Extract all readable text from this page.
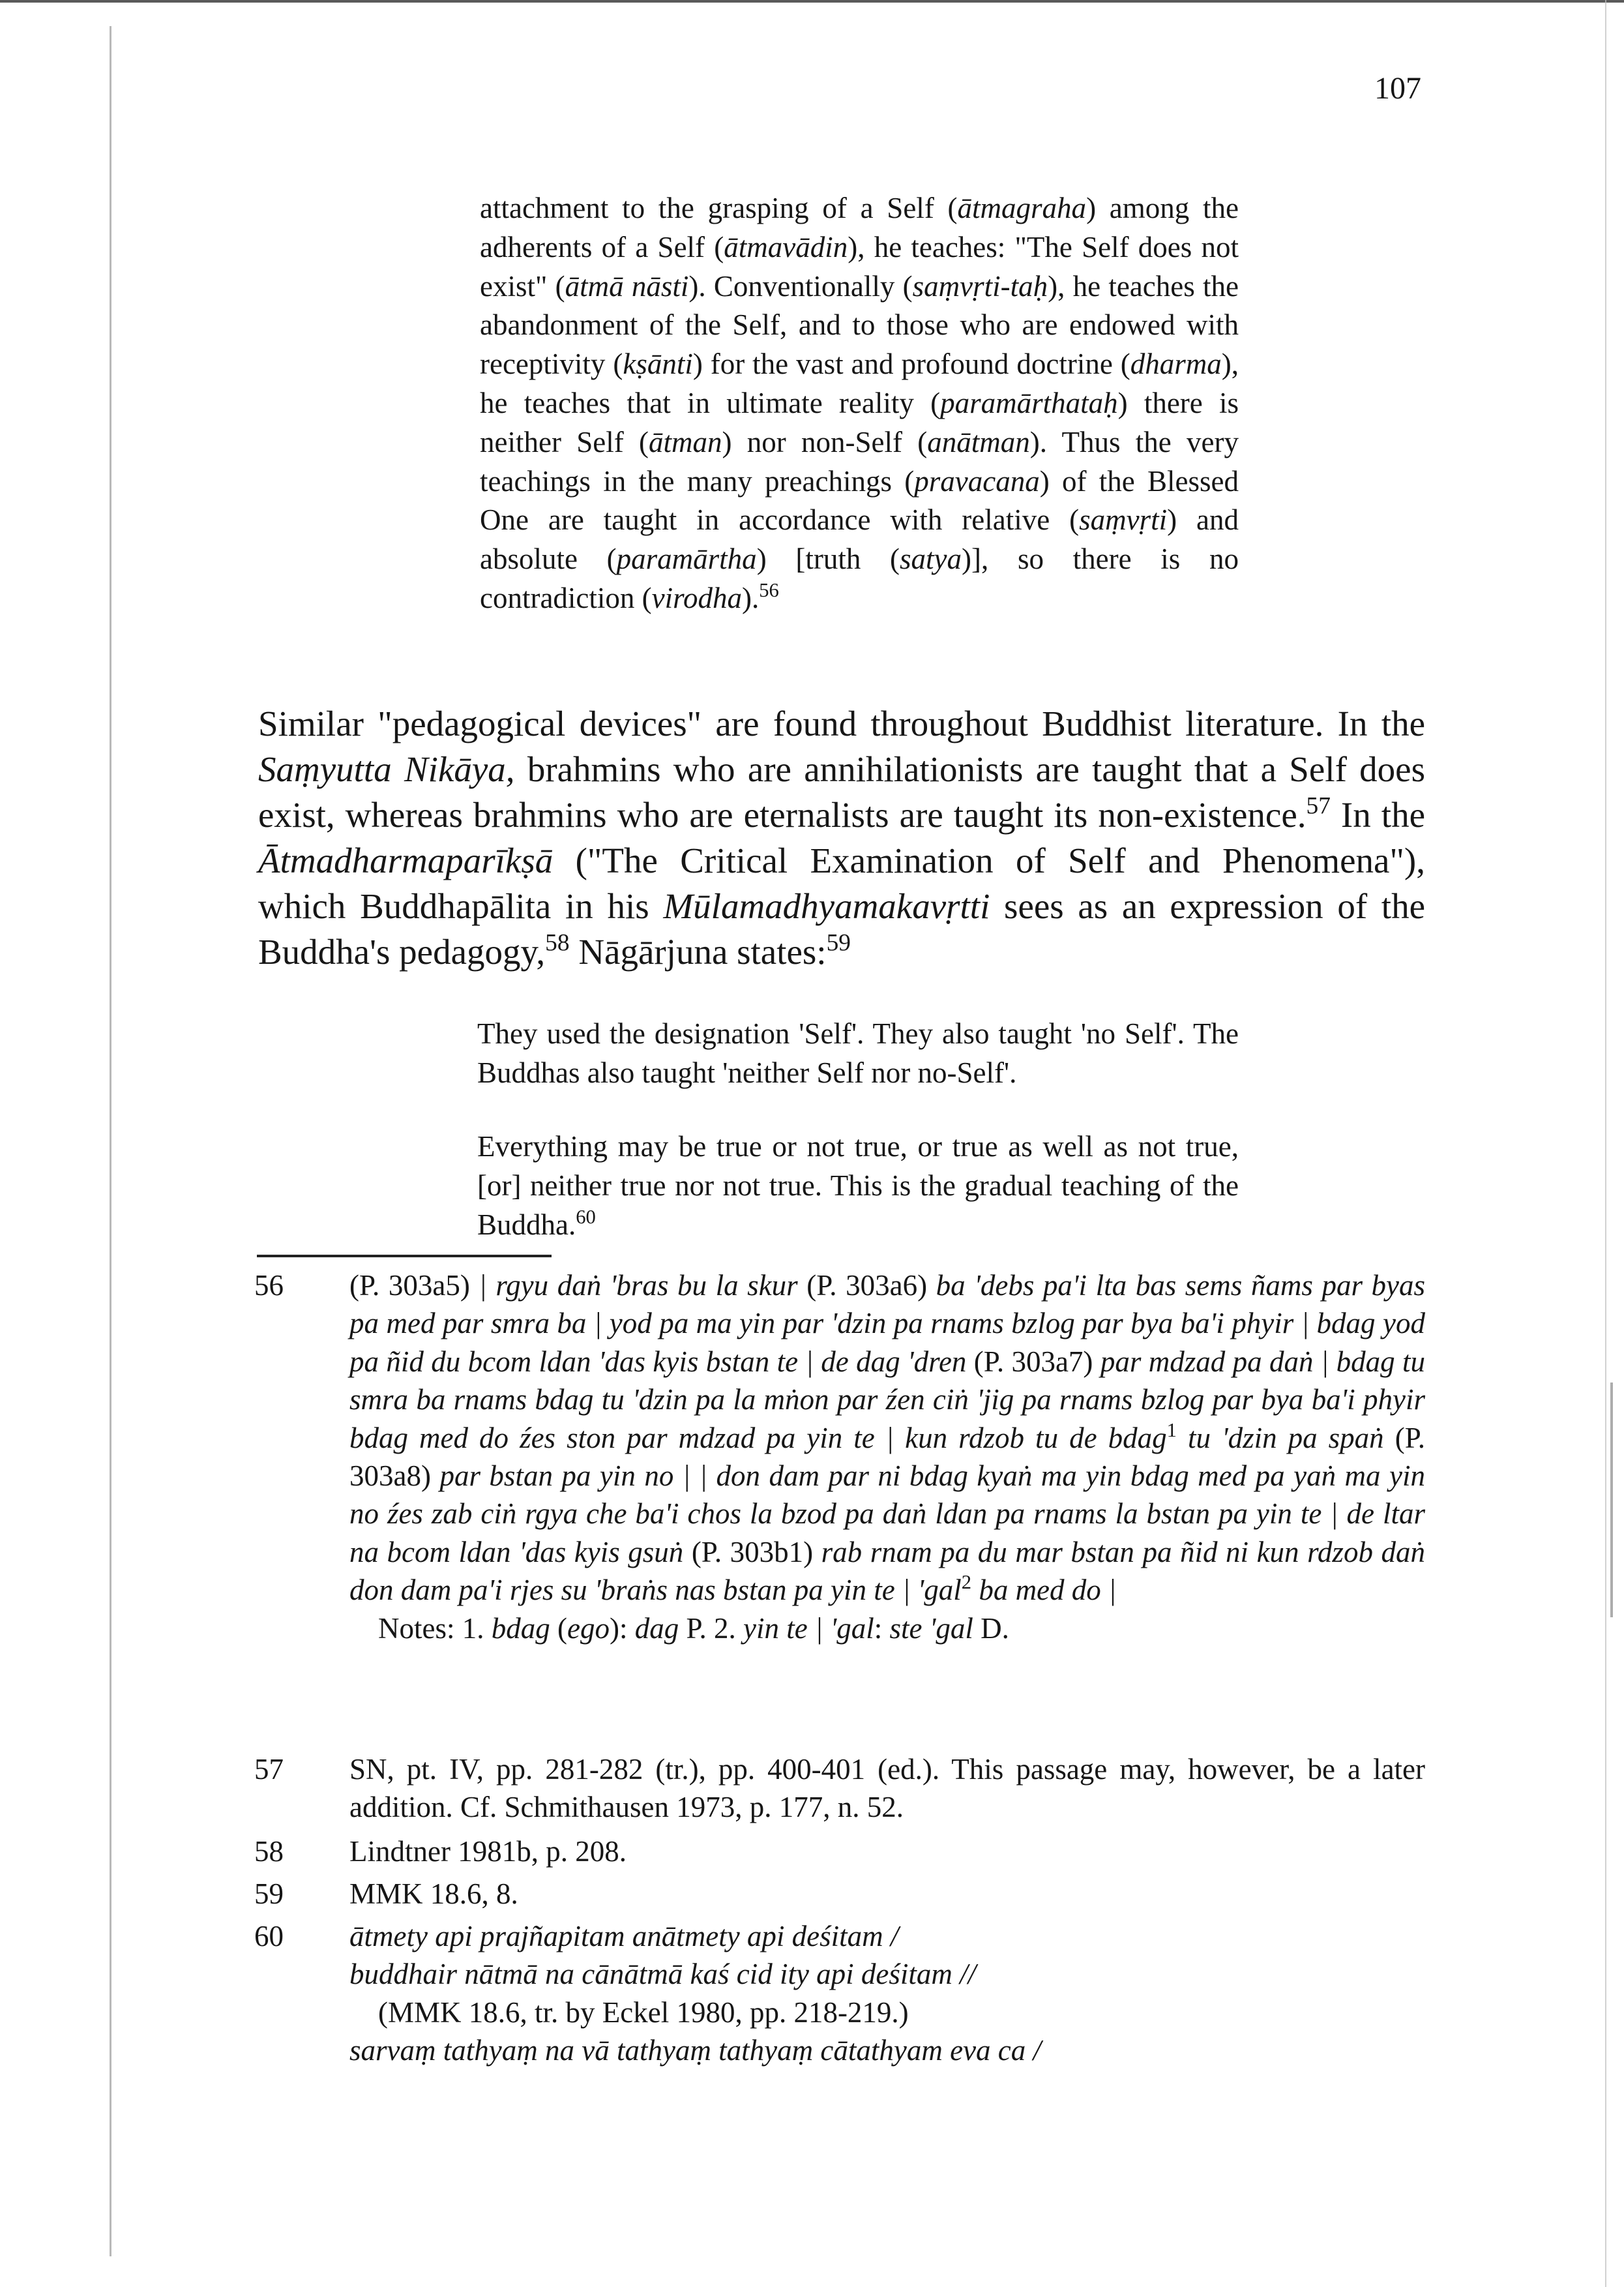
107
attachment to the grasping of a Self (ātmagraha) among the adherents of a Self (ātmavādin), he teaches: "The Self does not exist" (ātmā nāsti). Conventionally (saṃvṛti-taḥ), he teaches the abandonment of the Self, and to those who are endowed with receptivity (kṣānti) for the vast and profound doctrine (dharma), he teaches that in ultimate reality (paramārthataḥ) there is neither Self (ātman) nor non-Self (anātman). Thus the very teachings in the many preachings (pravacana) of the Blessed One are taught in accordance with relative (saṃvṛti) and absolute (paramārtha) [truth (satya)], so there is no contradiction (virodha).$^{56}$
Similar "pedagogical devices" are found throughout Buddhist literature. In the Saṃyutta Nikāya, brahmins who are annihilationists are taught that a Self does exist, whereas brahmins who are eternalists are taught its non-existence.$^{57}$ In the Ātmadharmaparīkṣā ("The Critical Examination of Self and Phenomena"), which Buddhapālita in his Mūlamadhyamakavṛtti sees as an expression of the Buddha's pedagogy,$^{58}$ Nāgārjuna states:$^{59}$
They used the designation 'Self'. They also taught 'no Self'. The Buddhas also taught 'neither Self nor no-Self'.
Everything may be true or not true, or true as well as not true, [or] neither true nor not true. This is the gradual teaching of the Buddha.$^{60}$
56 (P. 303a5) | rgyu daṅ 'bras bu la skur (P. 303a6) ba 'debs pa'i lta bas sems ñams par byas pa med par smra ba | yod pa ma yin par 'dzin pa rnams bzlog par bya ba'i phyir | bdag yod pa ñid du bcom ldan 'das kyis bstan te | de dag 'dren (P. 303a7) par mdzad pa daṅ | bdag tu smra ba rnams bdag tu 'dzin pa la mṅon par źen ciṅ 'jig pa rnams bzlog par bya ba'i phyir bdag med do źes ston par mdzad pa yin te | kun rdzob tu de bdag$^1$ tu 'dzin pa spaṅ (P. 303a8) par bstan pa yin no | | don dam par ni bdag kyaṅ ma yin bdag med pa yaṅ ma yin no źes zab ciṅ rgya che ba'i chos la bzod pa daṅ ldan pa rnams la bstan pa yin te | de ltar na bcom ldan 'das kyis gsuṅ (P. 303b1) rab rnam pa du mar bstan pa ñid ni kun rdzob daṅ don dam pa'i rjes su 'braṅs nas bstan pa yin te | 'gal$^2$ ba med do |
Notes: 1. bdag (ego): dag P. 2. yin te | 'gal: ste 'gal D.
57 SN, pt. IV, pp. 281-282 (tr.), pp. 400-401 (ed.). This passage may, however, be a later addition. Cf. Schmithausen 1973, p. 177, n. 52.
58 Lindtner 1981b, p. 208.
59 MMK 18.6, 8.
60 ātmety api prajñapitam anātmety api deśitam /
buddhair nātmā na cānātmā kaś cid ity api deśitam //
(MMK 18.6, tr. by Eckel 1980, pp. 218-219.)
sarvaṃ tathyaṃ na vā tathyaṃ tathyaṃ cātathyam eva ca /
